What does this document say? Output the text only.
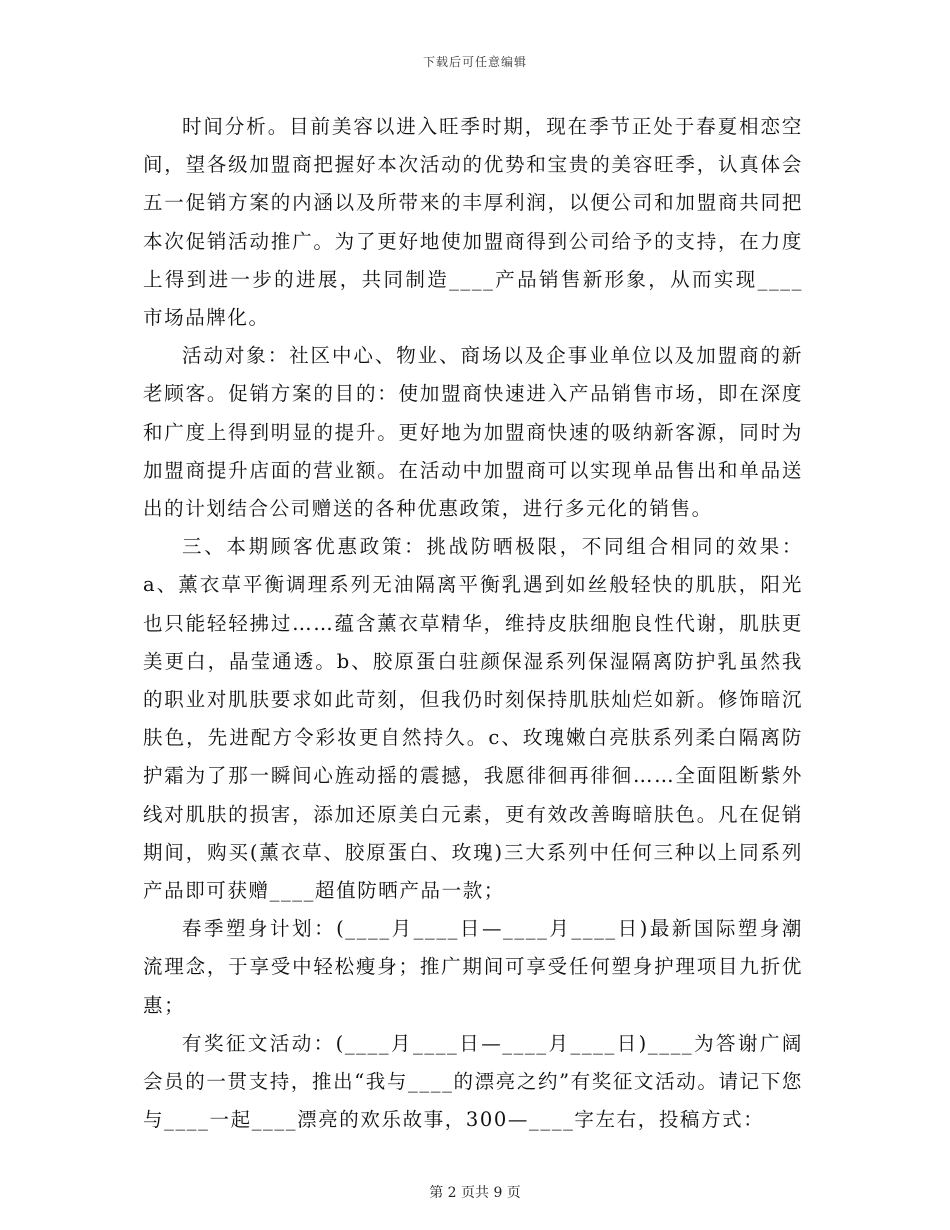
下载后可任意编辑

时间分析。目前美容以进入旺季时期，现在季节正处于春夏相恋空间，望各级加盟商把握好本次活动的优势和宝贵的美容旺季，认真体会五一促销方案的内涵以及所带来的丰厚利润，以便公司和加盟商共同把本次促销活动推广。为了更好地使加盟商得到公司给予的支持，在力度上得到进一步的进展，共同制造____产品销售新形象，从而实现____市场品牌化。

活动对象：社区中心、物业、商场以及企事业单位以及加盟商的新老顾客。促销方案的目的：使加盟商快速进入产品销售市场，即在深度和广度上得到明显的提升。更好地为加盟商快速的吸纳新客源，同时为加盟商提升店面的营业额。在活动中加盟商可以实现单品售出和单品送出的计划结合公司赠送的各种优惠政策，进行多元化的销售。

三、本期顾客优惠政策：挑战防晒极限，不同组合相同的效果：a、薰衣草平衡调理系列无油隔离平衡乳遇到如丝般轻快的肌肤，阳光也只能轻轻拂过……蕴含薰衣草精华，维持皮肤细胞良性代谢，肌肤更美更白，晶莹通透。b、胶原蛋白驻颜保湿系列保湿隔离防护乳虽然我的职业对肌肤要求如此苛刻，但我仍时刻保持肌肤灿烂如新。修饰暗沉肤色，先进配方令彩妆更自然持久。c、玫瑰嫩白亮肤系列柔白隔离防护霜为了那一瞬间心旌动摇的震撼，我愿徘徊再徘徊……全面阻断紫外线对肌肤的损害，添加还原美白元素，更有效改善晦暗肤色。凡在促销期间，购买(薰衣草、胶原蛋白、玫瑰)三大系列中任何三种以上同系列产品即可获赠____超值防晒产品一款；

春季塑身计划：(____月____日—____月____日)最新国际塑身潮流理念，于享受中轻松瘦身；推广期间可享受任何塑身护理项目九折优惠；

有奖征文活动：(____月____日—____月____日)____为答谢广阔会员的一贯支持，推出“我与____的漂亮之约”有奖征文活动。请记下您与____一起____漂亮的欢乐故事，300—____字左右，投稿方式：

第 2 页共 9 页
